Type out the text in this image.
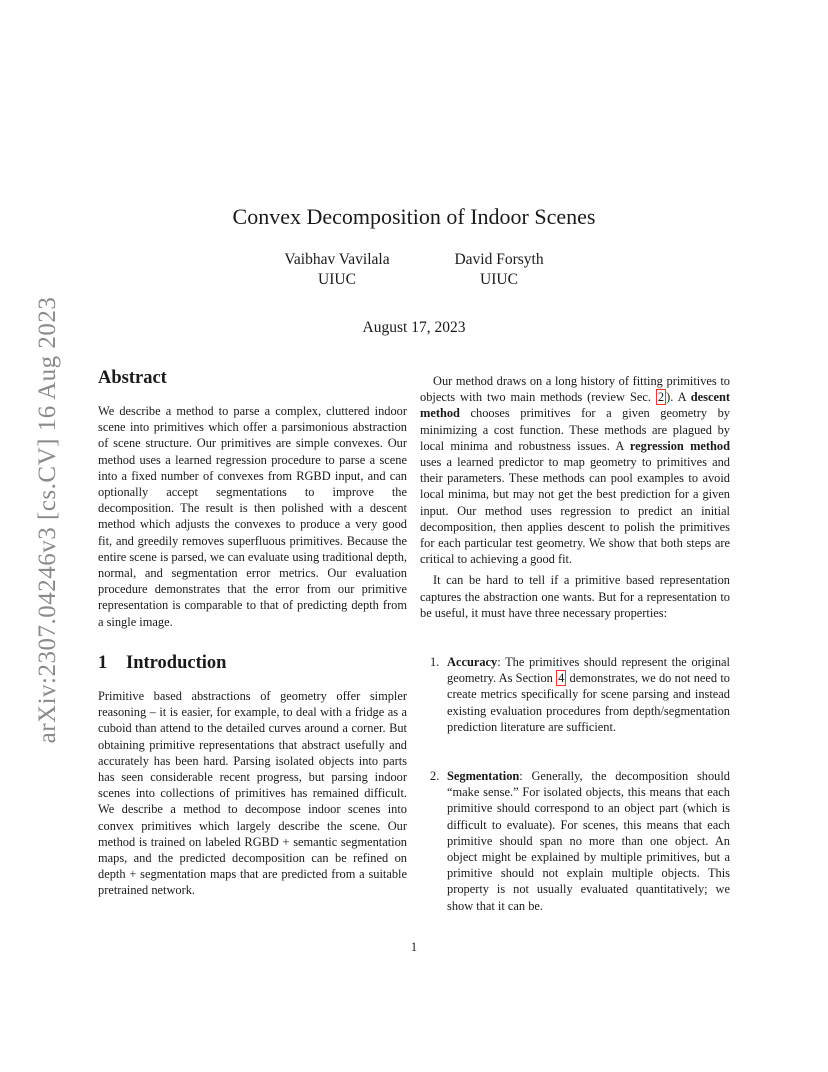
arXiv:2307.04246v3 [cs.CV] 16 Aug 2023
Convex Decomposition of Indoor Scenes
Vaibhav Vavilala
UIUC
David Forsyth
UIUC
August 17, 2023
Abstract

We describe a method to parse a complex, cluttered indoor scene into primitives which offer a parsimonious abstraction of scene structure. Our primitives are simple convexes. Our method uses a learned regression procedure to parse a scene into a fixed number of convexes from RGBD input, and can optionally accept segmentations to improve the decomposition. The result is then polished with a descent method which adjusts the convexes to produce a very good fit, and greedily removes superfluous primitives. Because the entire scene is parsed, we can evaluate using traditional depth, normal, and segmentation error metrics. Our evaluation procedure demonstrates that the error from our primitive representation is comparable to that of predicting depth from a single image.

1 Introduction

Primitive based abstractions of geometry offer simpler reasoning – it is easier, for example, to deal with a fridge as a cuboid than attend to the detailed curves around a corner. But obtaining primitive representations that abstract usefully and accurately has been hard. Parsing isolated objects into parts has seen considerable recent progress, but parsing indoor scenes into collections of primitives has remained difficult. We describe a method to decompose indoor scenes into convex primitives which largely describe the scene. Our method is trained on labeled RGBD + semantic segmentation maps, and the predicted decomposition can be refined on depth + segmentation maps that are predicted from a suitable pretrained network.

Our method draws on a long history of fitting primitives to objects with two main methods (review Sec. 2 ). A descent method chooses primitives for a given geometry by minimizing a cost function. These methods are plagued by local minima and robustness issues. A regression method uses a learned predictor to map geometry to primitives and their parameters. These methods can pool examples to avoid local minima, but may not get the best prediction for a given input. Our method uses regression to predict an initial decomposition, then applies descent to polish the primitives for each particular test geometry. We show that both steps are critical to achieving a good fit.

It can be hard to tell if a primitive based representation captures the abstraction one wants. But for a representation to be useful, it must have three necessary properties:

1. Accuracy: The primitives should represent the original geometry. As Section 4 demonstrates, we do not need to create metrics specifically for scene parsing and instead existing evaluation procedures from depth/segmentation prediction literature are sufficient.

2. Segmentation: Generally, the decomposition should “make sense.” For isolated objects, this means that each primitive should correspond to an object part (which is difficult to evaluate). For scenes, this means that each primitive should span no more than one object. An object might be explained by multiple primitives, but a primitive should not explain multiple objects. This property is not usually evaluated quantitatively; we show that it can be.

1
